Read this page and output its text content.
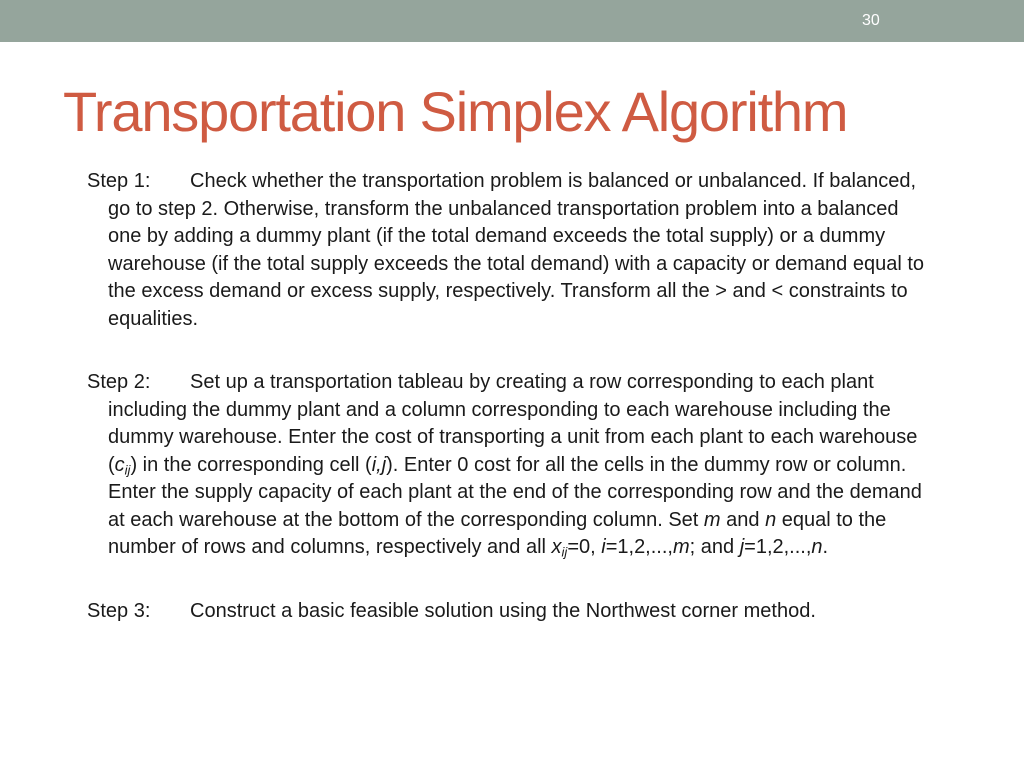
30
Transportation Simplex Algorithm

Step 1: Check whether the transportation problem is balanced or unbalanced. If balanced, go to step 2. Otherwise, transform the unbalanced transportation problem into a balanced one by adding a dummy plant (if the total demand exceeds the total supply) or a dummy warehouse (if the total supply exceeds the total demand) with a capacity or demand equal to the excess demand or excess supply, respectively. Transform all the > and < constraints to equalities.

Step 2: Set up a transportation tableau by creating a row corresponding to each plant including the dummy plant and a column corresponding to each warehouse including the dummy warehouse. Enter the cost of transporting a unit from each plant to each warehouse $(c_{ij})$ in the corresponding cell (i,j). Enter 0 cost for all the cells in the dummy row or column. Enter the supply capacity of each plant at the end of the corresponding row and the demand at each warehouse at the bottom of the corresponding column. Set m and n equal to the number of rows and columns, respectively and all $x_{ij}=0$, i=1,2,...,m; and j=1,2,...,n.

Step 3: Construct a basic feasible solution using the Northwest corner method.
